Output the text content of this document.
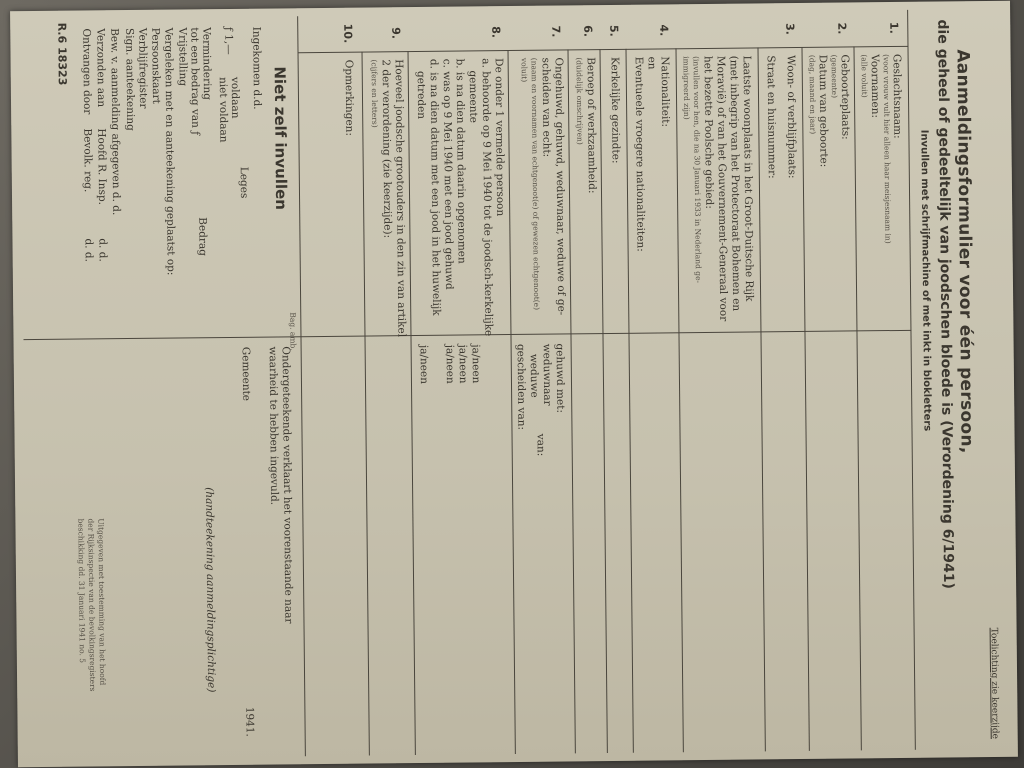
Toelichting zie keerzijde
Aanmeldingsformulier voor één persoon,
die geheel of gedeeltelijk van joodschen bloede is (Verordening 6/1941)
Invullen met schrijfmachine of met inkt in blokletters
1.
Geslachtsnaam:
(voor vrouw vult hier alleen haar meisjesnaam in)
Voornamen:
(alle voluit)
2.
Geboorteplaats:
(gemeente)
Datum van geboorte:
(dag, maand en jaar)
3.
Woon- of verblijfplaats:
Straat en huisnummer:
Laatste woonplaats in het Groot-Duitsche Rijk
(met inbegrip van het Protectoraat Bohemen en
Moravië) of van het Gouvernement-Generaal voor
het bezette Poolsche gebied:
(invullen voor hen, die na 30 Januari 1933 in Nederland ge-
immigreerd zijn)
4.
Nationaliteit:
en
Eventueele vroegere nationaliteiten:
5.
Kerkelijke gezindte:
6.
Beroep of werkzaamheid:
(duidelijk omschrijven)
7.
Ongehuwd, gehuwd, weduwnaar, weduwe of ge-
scheiden van echt:
(naam en voornamen van echtgenoot(e) of gewezen echtgenoot(e)
voluit)
gehuwd met:
weduwnaar
weduwe
van:
gescheiden van:
8.
De onder 1 vermelde persoon
a. behoorde op 9 Mei 1940 tot de joodsch-kerkelijke
gemeente
b. is na dien datum daarin opgenomen
c. was op 9 Mei 1940 met een jood gehuwd
d. is na dien datum met een jood in het huwelijk
getreden
ja/neen
ja/neen
ja/neen
ja/neen
9.
Hoeveel joodsche grootouders in den zin van artikel
2 der verordening (zie keerzijde):
(cijfers en letters)
10.
Opmerkingen:
Niet zelf invullen
Bag. amb.
Ingekomen d.d.
Leges
ƒ 1,—
voldaan
niet voldaan
Vermindering
tot een bedrag van ƒ
Bedrag
Vrijstelling
Vergeleken met en aanteekening geplaatst op:
Persoonskaart
Verblijfregister
Sign. aanteekening
Bew. v. aanmelding afgegeven d. d.
Verzonden aan
Hoofd R. Insp.
d. d.
Ontvangen door
Bevolk. reg.
d. d.
R.6 18323
Ondergeteekende verklaart het voorenstaande naar
waarheid te hebben ingevuld.
Gemeente
1941.
(handteekening aanmeldingsplichtige)
Uitgegeven met toestemming van het hoofd
der Rijksinspectie van de bevolkingsregisters
beschikking dd. 31 Januari 1941 no. 5
